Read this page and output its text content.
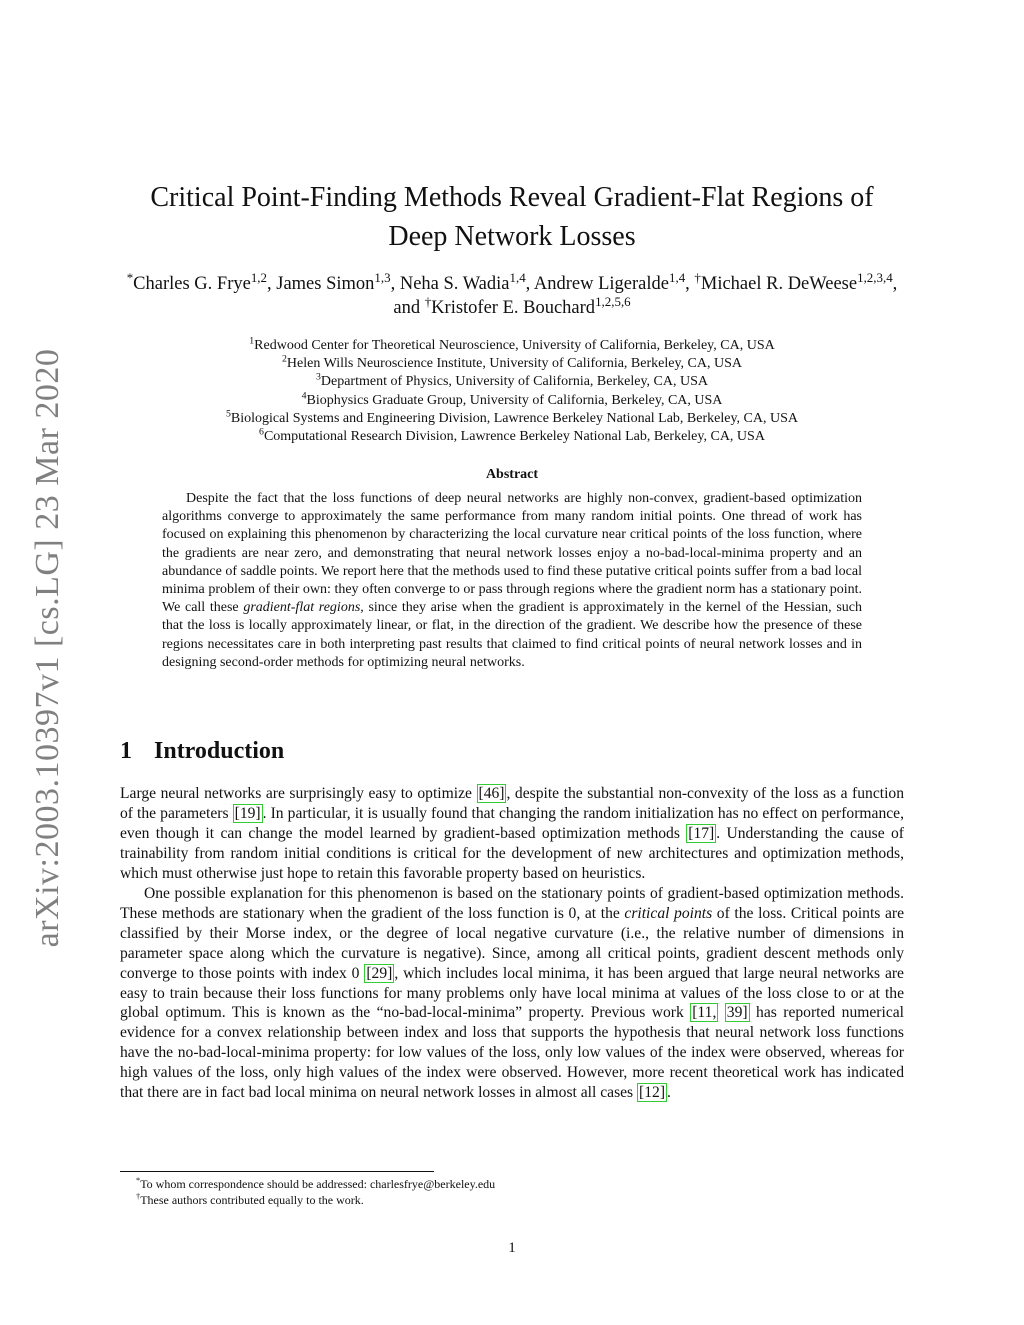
arXiv:2003.10397v1 [cs.LG] 23 Mar 2020
Critical Point-Finding Methods Reveal Gradient-Flat Regions of
Deep Network Losses
*Charles G. Frye$^{1,2}$, James Simon$^{1,3}$, Neha S. Wadia$^{1,4}$, Andrew Ligeralde$^{1,4}$, †Michael R. DeWeese$^{1,2,3,4}$, and †Kristofer E. Bouchard$^{1,2,5,6}$
$^1$Redwood Center for Theoretical Neuroscience, University of California, Berkeley, CA, USA
$^2$Helen Wills Neuroscience Institute, University of California, Berkeley, CA, USA
$^3$Department of Physics, University of California, Berkeley, CA, USA
$^4$Biophysics Graduate Group, University of California, Berkeley, CA, USA
$^5$Biological Systems and Engineering Division, Lawrence Berkeley National Lab, Berkeley, CA, USA
$^6$Computational Research Division, Lawrence Berkeley National Lab, Berkeley, CA, USA
Abstract
Despite the fact that the loss functions of deep neural networks are highly non-convex, gradient-based optimization algorithms converge to approximately the same performance from many random initial points. One thread of work has focused on explaining this phenomenon by characterizing the local curvature near critical points of the loss function, where the gradients are near zero, and demonstrating that neural network losses enjoy a no-bad-local-minima property and an abundance of saddle points. We report here that the methods used to find these putative critical points suffer from a bad local minima problem of their own: they often converge to or pass through regions where the gradient norm has a stationary point. We call these gradient-flat regions, since they arise when the gradient is approximately in the kernel of the Hessian, such that the loss is locally approximately linear, or flat, in the direction of the gradient. We describe how the presence of these regions necessitates care in both interpreting past results that claimed to find critical points of neural network losses and in designing second-order methods for optimizing neural networks.
1 Introduction

Large neural networks are surprisingly easy to optimize [46] , despite the substantial non-convexity of the loss as a function of the parameters [19] . In particular, it is usually found that changing the random initialization has no effect on performance, even though it can change the model learned by gradient-based optimization methods [17] . Understanding the cause of trainability from random initial conditions is critical for the development of new architectures and optimization methods, which must otherwise just hope to retain this favorable property based on heuristics.

One possible explanation for this phenomenon is based on the stationary points of gradient-based optimization methods. These methods are stationary when the gradient of the loss function is 0, at the critical points of the loss. Critical points are classified by their Morse index, or the degree of local negative curvature (i.e., the relative number of dimensions in parameter space along which the curvature is negative). Since, among all critical points, gradient descent methods only converge to those points with index 0 [29] , which includes local minima, it has been argued that large neural networks are easy to train because their loss functions for many problems only have local minima at values of the loss close to or at the global optimum. This is known as the “no-bad-local-minima” property. Previous work [11, 39] has reported numerical evidence for a convex relationship between index and loss that supports the hypothesis that neural network loss functions have the no-bad-local-minima property: for low values of the loss, only low values of the index were observed, whereas for high values of the loss, only high values of the index were observed. However, more recent theoretical work has indicated that there are in fact bad local minima on neural network losses in almost all cases [12] .

*To whom correspondence should be addressed: charlesfrye@berkeley.edu
†These authors contributed equally to the work.
1
